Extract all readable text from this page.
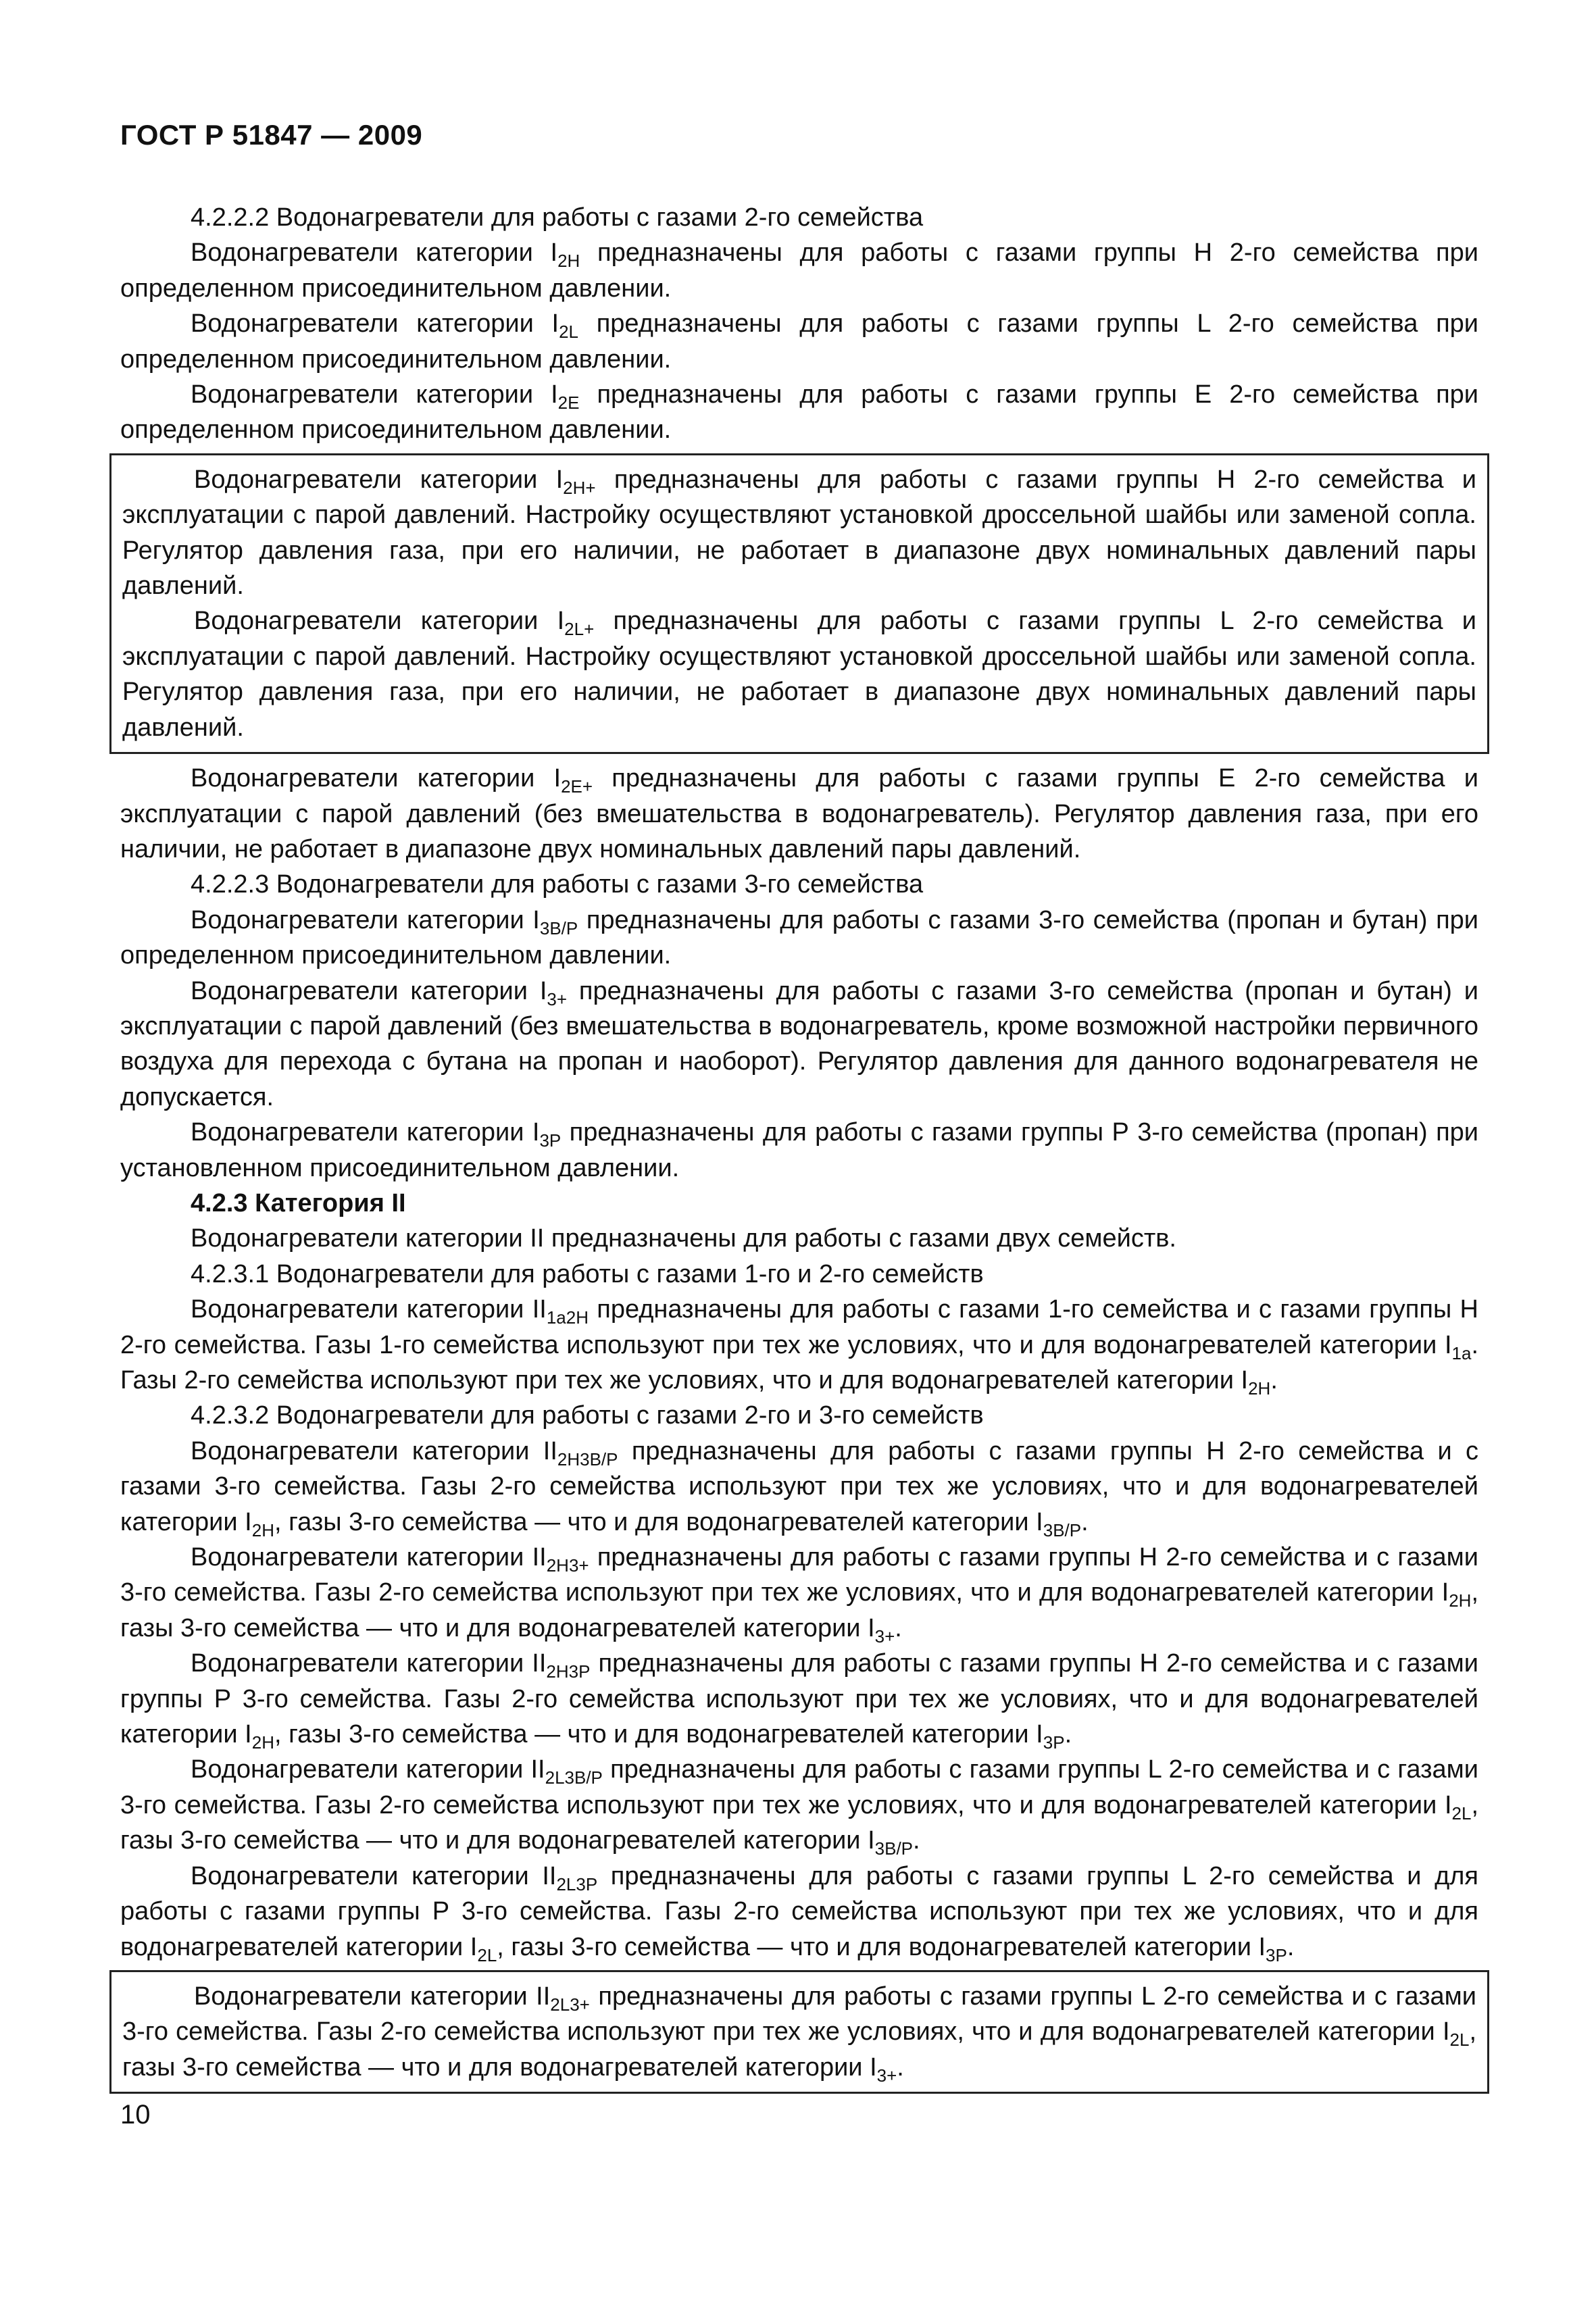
ГОСТ Р 51847 — 2009

4.2.2.2 Водонагреватели для работы с газами 2-го семейства

Водонагреватели категории $I_{2H}$ предназначены для работы с газами группы Н 2-го семейства при определенном присоединительном давлении.

Водонагреватели категории $I_{2L}$ предназначены для работы с газами группы L 2-го семейства при определенном присоединительном давлении.

Водонагреватели категории $I_{2E}$ предназначены для работы с газами группы Е 2-го семейства при определенном присоединительном давлении.

Водонагреватели категории $I_{2H+}$ предназначены для работы с газами группы Н 2-го семейства и эксплуатации с парой давлений. Настройку осуществляют установкой дроссельной шайбы или заменой сопла. Регулятор давления газа, при его наличии, не работает в диапазоне двух номинальных давлений пары давлений.

Водонагреватели категории $I_{2L+}$ предназначены для работы с газами группы L 2-го семейства и эксплуатации с парой давлений. Настройку осуществляют установкой дроссельной шайбы или заменой сопла. Регулятор давления газа, при его наличии, не работает в диапазоне двух номинальных давлений пары давлений.

Водонагреватели категории $I_{2E+}$ предназначены для работы с газами группы Е 2-го семейства и эксплуатации с парой давлений (без вмешательства в водонагреватель). Регулятор давления газа, при его наличии, не работает в диапазоне двух номинальных давлений пары давлений.

4.2.2.3 Водонагреватели для работы с газами 3-го семейства

Водонагреватели категории $I_{3B/P}$ предназначены для работы с газами 3-го семейства (пропан и бутан) при определенном присоединительном давлении.

Водонагреватели категории $I_{3+}$ предназначены для работы с газами 3-го семейства (пропан и бутан) и эксплуатации с парой давлений (без вмешательства в водонагреватель, кроме возможной настройки первичного воздуха для перехода с бутана на пропан и наоборот). Регулятор давления для данного водонагревателя не допускается.

Водонагреватели категории $I_{3P}$ предназначены для работы с газами группы Р 3-го семейства (пропан) при установленном присоединительном давлении.

4.2.3 Категория II

Водонагреватели категории II предназначены для работы с газами двух семейств.

4.2.3.1 Водонагреватели для работы с газами 1-го и 2-го семейств

Водонагреватели категории $II_{1a2H}$ предназначены для работы с газами 1-го семейства и с газами группы Н 2-го семейства. Газы 1-го семейства используют при тех же условиях, что и для водонагревателей категории $I_{1a}$. Газы 2-го семейства используют при тех же условиях, что и для водонагревателей категории $I_{2H}$.

4.2.3.2 Водонагреватели для работы с газами 2-го и 3-го семейств

Водонагреватели категории $II_{2H3B/P}$ предназначены для работы с газами группы Н 2-го семейства и с газами 3-го семейства. Газы 2-го семейства используют при тех же условиях, что и для водонагревателей категории $I_{2H}$, газы 3-го семейства — что и для водонагревателей категории $I_{3B/P}$.

Водонагреватели категории $II_{2H3+}$ предназначены для работы с газами группы Н 2-го семейства и с газами 3-го семейства. Газы 2-го семейства используют при тех же условиях, что и для водонагревателей категории $I_{2H}$, газы 3-го семейства — что и для водонагревателей категории $I_{3+}$.

Водонагреватели категории $II_{2H3P}$ предназначены для работы с газами группы Н 2-го семейства и с газами группы Р 3-го семейства. Газы 2-го семейства используют при тех же условиях, что и для водонагревателей категории $I_{2H}$, газы 3-го семейства — что и для водонагревателей категории $I_{3P}$.

Водонагреватели категории $II_{2L3B/P}$ предназначены для работы с газами группы L 2-го семейства и с газами 3-го семейства. Газы 2-го семейства используют при тех же условиях, что и для водонагревателей категории $I_{2L}$, газы 3-го семейства — что и для водонагревателей категории $I_{3B/P}$.

Водонагреватели категории $II_{2L3P}$ предназначены для работы с газами группы L 2-го семейства и для работы с газами группы Р 3-го семейства. Газы 2-го семейства используют при тех же условиях, что и для водонагревателей категории $I_{2L}$, газы 3-го семейства — что и для водонагревателей категории $I_{3P}$.

Водонагреватели категории $II_{2L3+}$ предназначены для работы с газами группы L 2-го семейства и с газами 3-го семейства. Газы 2-го семейства используют при тех же условиях, что и для водонагревателей категории $I_{2L}$, газы 3-го семейства — что и для водонагревателей категории $I_{3+}$.

10
